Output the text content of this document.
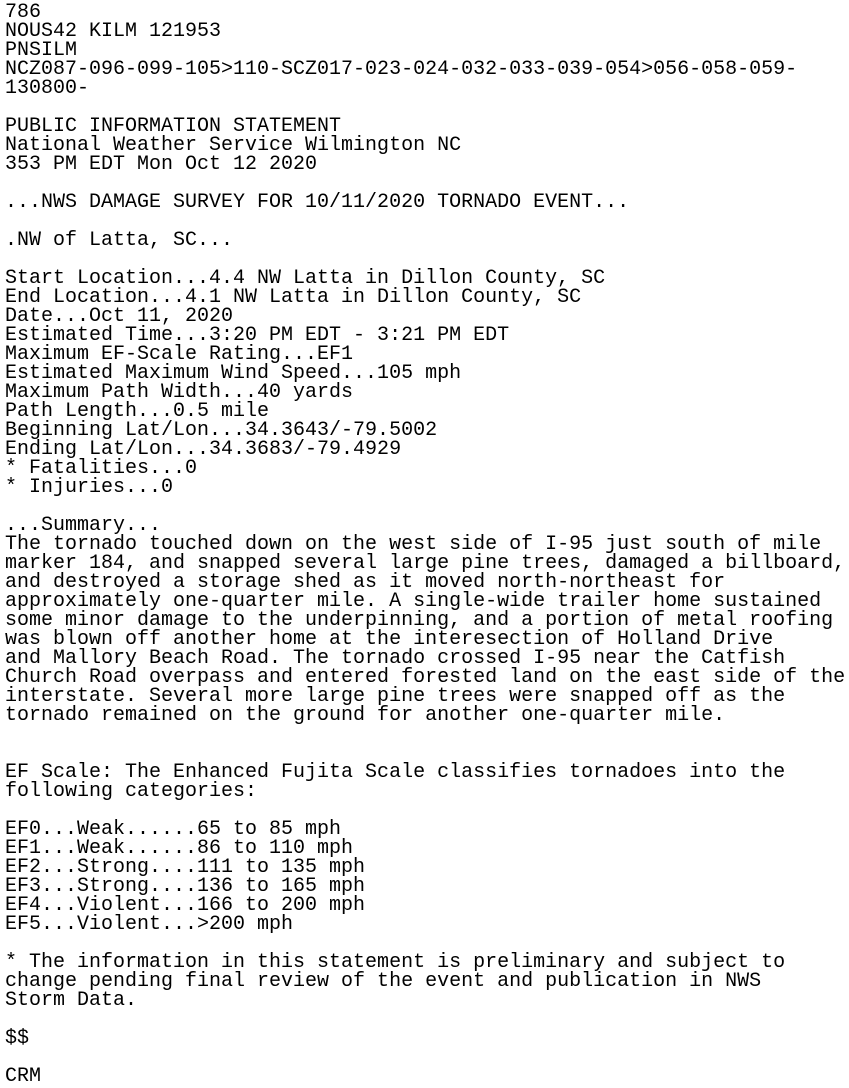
786
NOUS42 KILM 121953
PNSILM
NCZ087-096-099-105>110-SCZ017-023-024-032-033-039-054>056-058-059-
130800-
PUBLIC INFORMATION STATEMENT
National Weather Service Wilmington NC
353 PM EDT Mon Oct 12 2020
...NWS DAMAGE SURVEY FOR 10/11/2020 TORNADO EVENT...
.NW of Latta, SC...
Start Location...4.4 NW Latta in Dillon County, SC
End Location...4.1 NW Latta in Dillon County, SC
Date...Oct 11, 2020
Estimated Time...3:20 PM EDT - 3:21 PM EDT
Maximum EF-Scale Rating...EF1
Estimated Maximum Wind Speed...105 mph
Maximum Path Width...40 yards
Path Length...0.5 mile
Beginning Lat/Lon...34.3643/-79.5002
Ending Lat/Lon...34.3683/-79.4929
* Fatalities...0
* Injuries...0
...Summary...
The tornado touched down on the west side of I-95 just south of mile
marker 184, and snapped several large pine trees, damaged a billboard,
and destroyed a storage shed as it moved north-northeast for
approximately one-quarter mile. A single-wide trailer home sustained
some minor damage to the underpinning, and a portion of metal roofing
was blown off another home at the interesection of Holland Drive
and Mallory Beach Road. The tornado crossed I-95 near the Catfish
Church Road overpass and entered forested land on the east side of the
interstate. Several more large pine trees were snapped off as the
tornado remained on the ground for another one-quarter mile.
EF Scale: The Enhanced Fujita Scale classifies tornadoes into the
following categories:
EF0...Weak......65 to 85 mph
EF1...Weak......86 to 110 mph
EF2...Strong....111 to 135 mph
EF3...Strong....136 to 165 mph
EF4...Violent...166 to 200 mph
EF5...Violent...>200 mph
* The information in this statement is preliminary and subject to
change pending final review of the event and publication in NWS
Storm Data.
$$
CRM
